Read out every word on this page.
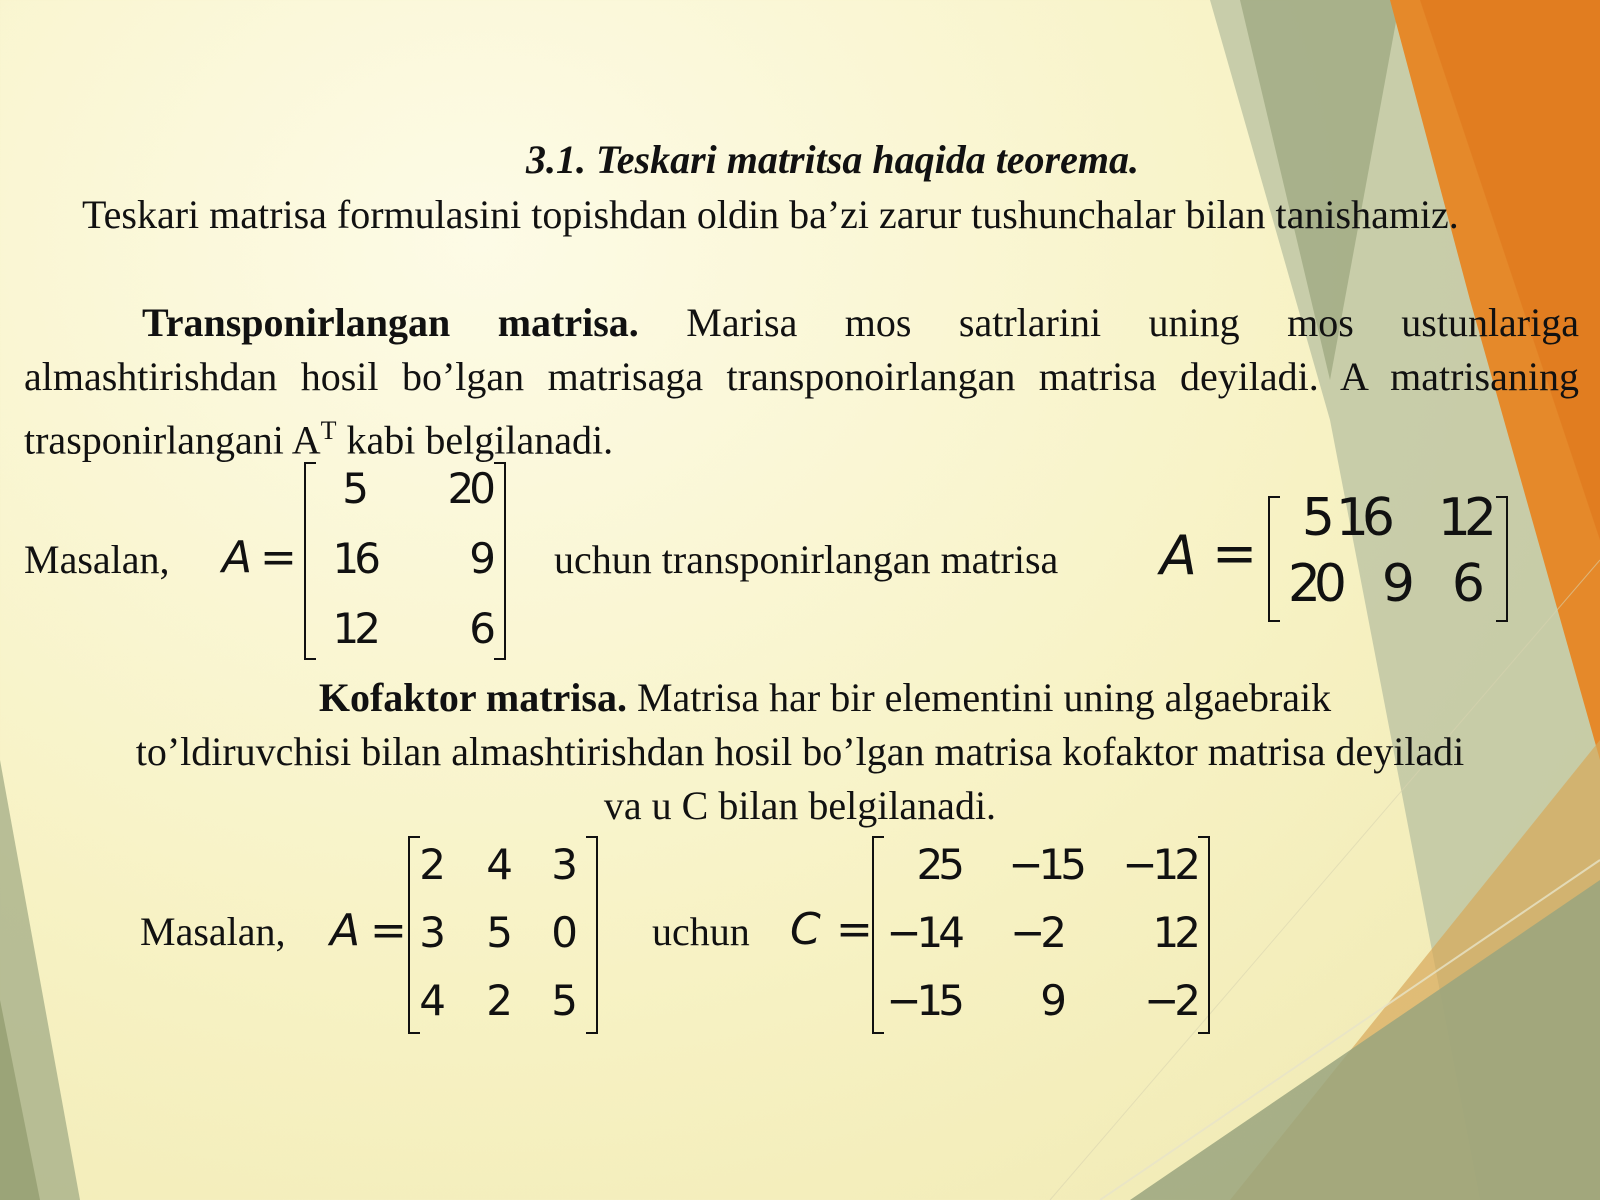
3.1. Teskari matritsa haqida teorema.
Teskari matrisa formulasini topishdan oldin ba’zi zarur tushunchalar bilan tanishamiz.
Transponirlangan matrisa. Marisa mos satrlarini uning mos ustunlariga almashtirishdan hosil bo’lgan matrisaga transponoirlangan matrisa deyiladi. A matrisaning trasponirlangani $A^T$ kabi belgilanadi.
Masalan, A =
5	20
16	9
12	6
uchun transponirlangan matrisa A =
5 16 12
20 9 6
Kofaktor matrisa. Matrisa har bir elementini uning algaebraik
to’ldiruvchisi bilan almashtirishdan hosil bo’lgan matrisa kofaktor matrisa deyiladi
va u C bilan belgilanadi.
Masalan, A =
2 4 3
3 5 0
4 2 5
uchun C =
25	−15 −12
−14	−2	12
−15	9	−2
